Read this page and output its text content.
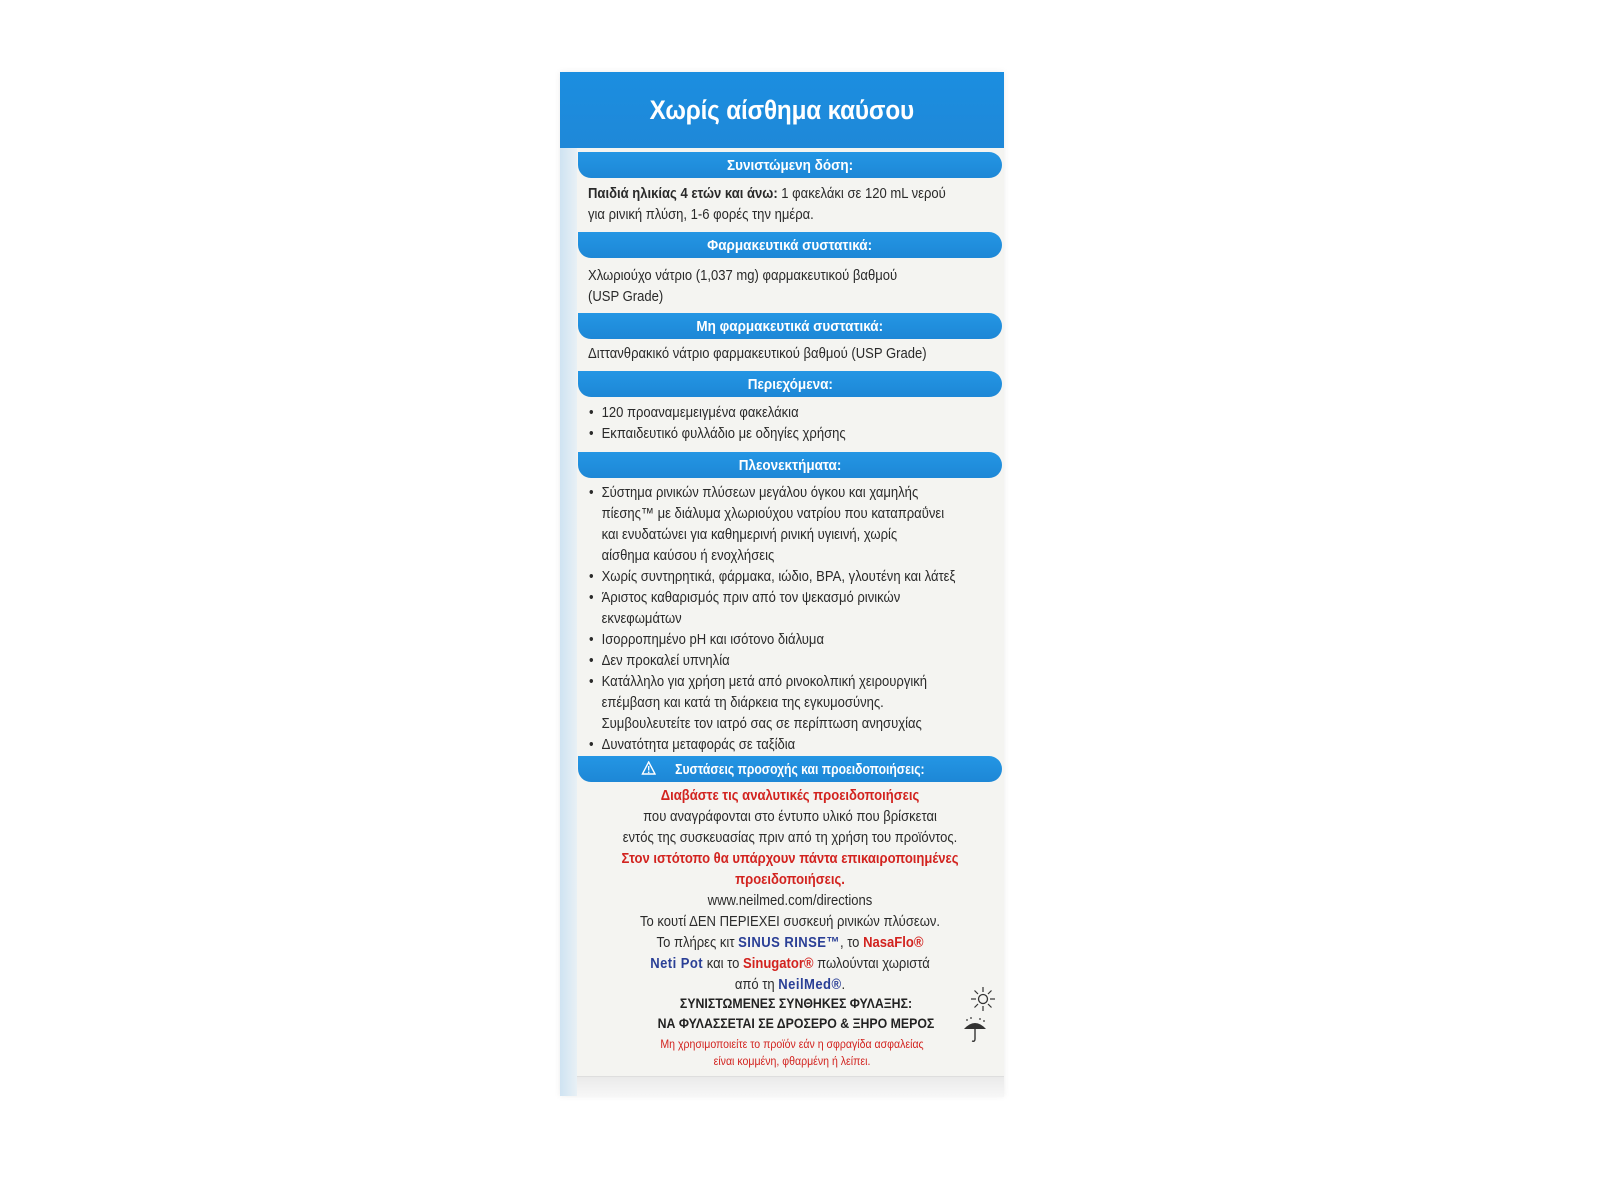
Χωρίς αίσθημα καύσου
Συνιστώμενη δόση:
Παιδιά ηλικίας 4 ετών και άνω: 1 φακελάκι σε 120 mL νερού
για ρινική πλύση, 1-6 φορές την ημέρα.
Φαρμακευτικά συστατικά:
Χλωριούχο νάτριο (1,037 mg) φαρμακευτικού βαθμού
(USP Grade)
Μη φαρμακευτικά συστατικά:
Διττανθρακικό νάτριο φαρμακευτικού βαθμού (USP Grade)
Περιεχόμενα:
• 120 προαναμεμειγμένα φακελάκια
• Εκπαιδευτικό φυλλάδιο με οδηγίες χρήσης
Πλεονεκτήματα:
• Σύστημα ρινικών πλύσεων μεγάλου όγκου και χαμηλής
πίεσης™ με διάλυμα χλωριούχου νατρίου που καταπραΰνει
και ενυδατώνει για καθημερινή ρινική υγιεινή, χωρίς
αίσθημα καύσου ή ενοχλήσεις
• Χωρίς συντηρητικά, φάρμακα, ιώδιο, BPA, γλουτένη και λάτεξ
• Άριστος καθαρισμός πριν από τον ψεκασμό ρινικών
εκνεφωμάτων
• Ισορροπημένο pH και ισότονο διάλυμα
• Δεν προκαλεί υπνηλία
• Κατάλληλο για χρήση μετά από ρινοκολπική χειρουργική
επέμβαση και κατά τη διάρκεια της εγκυμοσύνης.
Συμβουλευτείτε τον ιατρό σας σε περίπτωση ανησυχίας
• Δυνατότητα μεταφοράς σε ταξίδια
Συστάσεις προσοχής και προειδοποιήσεις:
Διαβάστε τις αναλυτικές προειδοποιήσεις
που αναγράφονται στο έντυπο υλικό που βρίσκεται
εντός της συσκευασίας πριν από τη χρήση του προϊόντος.
Στον ιστότοπο θα υπάρχουν πάντα επικαιροποιημένες
προειδοποιήσεις.
www.neilmed.com/directions
Το κουτί ΔΕΝ ΠΕΡΙΕΧΕΙ συσκευή ρινικών πλύσεων.
Το πλήρες κιτ SINUS RINSE™, το NasaFlo®
Neti Pot και το Sinugator® πωλούνται χωριστά
από τη NeilMed®.
ΣΥΝΙΣΤΩΜΕΝΕΣ ΣΥΝΘΗΚΕΣ ΦΥΛΑΞΗΣ:
ΝΑ ΦΥΛΑΣΣΕΤΑΙ ΣΕ ΔΡΟΣΕΡΟ & ΞΗΡΟ ΜΕΡΟΣ
Μη χρησιμοποιείτε το προϊόν εάν η σφραγίδα ασφαλείας
είναι κομμένη, φθαρμένη ή λείπει.
